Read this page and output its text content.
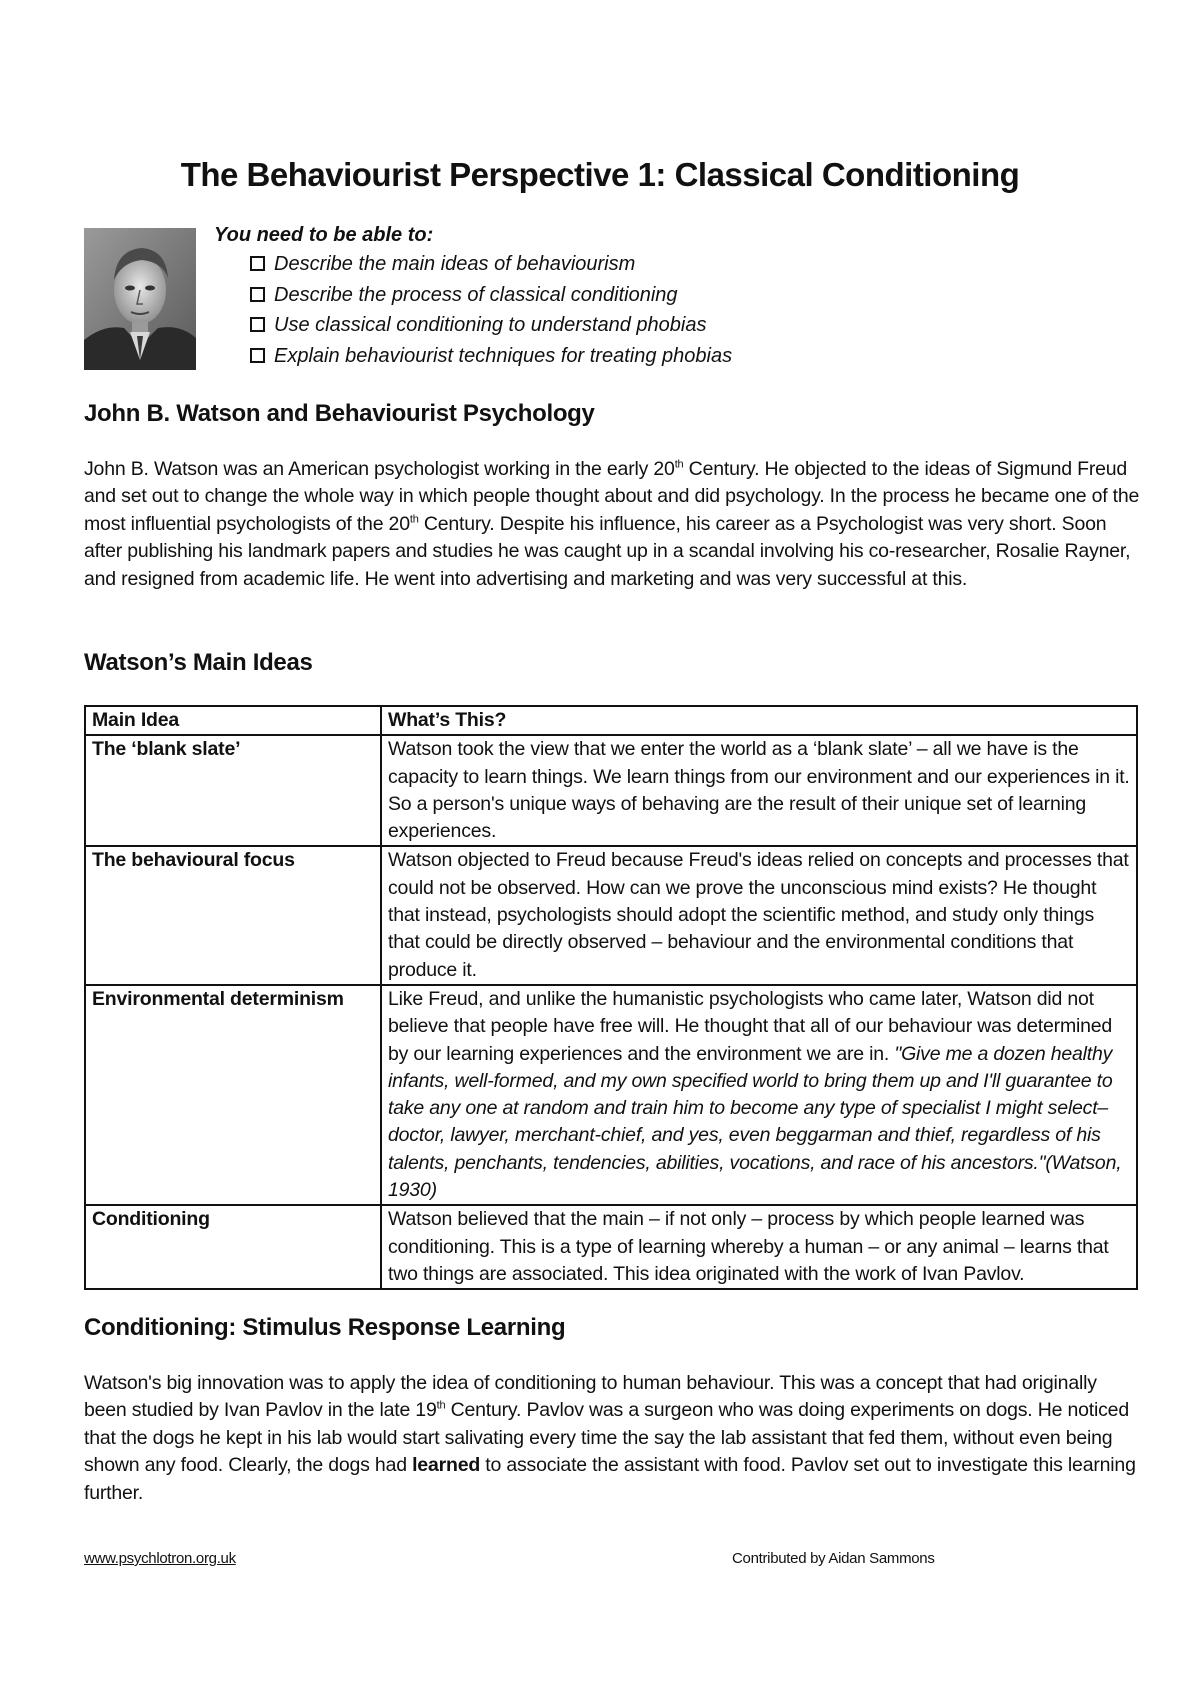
The Behaviourist Perspective 1: Classical Conditioning
You need to be able to:
Describe the main ideas of behaviourism
Describe the process of classical conditioning
Use classical conditioning to understand phobias
Explain behaviourist techniques for treating phobias
John B. Watson and Behaviourist Psychology

John B. Watson was an American psychologist working in the early 20th Century. He objected to the ideas of Sigmund Freud and set out to change the whole way in which people thought about and did psychology. In the process he became one of the most influential psychologists of the 20th Century. Despite his influence, his career as a Psychologist was very short. Soon after publishing his landmark papers and studies he was caught up in a scandal involving his co-researcher, Rosalie Rayner, and resigned from academic life. He went into advertising and marketing and was very successful at this.

Watson’s Main Ideas
Main Idea	What’s This?
The ‘blank slate’	Watson took the view that we enter the world as a ‘blank slate’ – all we have is the capacity to learn things. We learn things from our environment and our experiences in it. So a person's unique ways of behaving are the result of their unique set of learning experiences.
The behavioural focus	Watson objected to Freud because Freud's ideas relied on concepts and processes that could not be observed. How can we prove the unconscious mind exists? He thought that instead, psychologists should adopt the scientific method, and study only things that could be directly observed – behaviour and the environmental conditions that produce it.
Environmental determinism	Like Freud, and unlike the humanistic psychologists who came later, Watson did not believe that people have free will. He thought that all of our behaviour was determined by our learning experiences and the environment we are in. "Give me a dozen healthy infants, well-formed, and my own specified world to bring them up and I'll guarantee to take any one at random and train him to become any type of specialist I might select– doctor, lawyer, merchant-chief, and yes, even beggarman and thief, regardless of his talents, penchants, tendencies, abilities, vocations, and race of his ancestors."(Watson, 1930)
Conditioning	Watson believed that the main – if not only – process by which people learned was conditioning. This is a type of learning whereby a human – or any animal – learns that two things are associated. This idea originated with the work of Ivan Pavlov.
Conditioning: Stimulus Response Learning

Watson's big innovation was to apply the idea of conditioning to human behaviour. This was a concept that had originally been studied by Ivan Pavlov in the late 19th Century. Pavlov was a surgeon who was doing experiments on dogs. He noticed that the dogs he kept in his lab would start salivating every time the say the lab assistant that fed them, without even being shown any food. Clearly, the dogs had learned to associate the assistant with food. Pavlov set out to investigate this learning further.

www.psychlotron.org.uk	Contributed by Aidan Sammons
